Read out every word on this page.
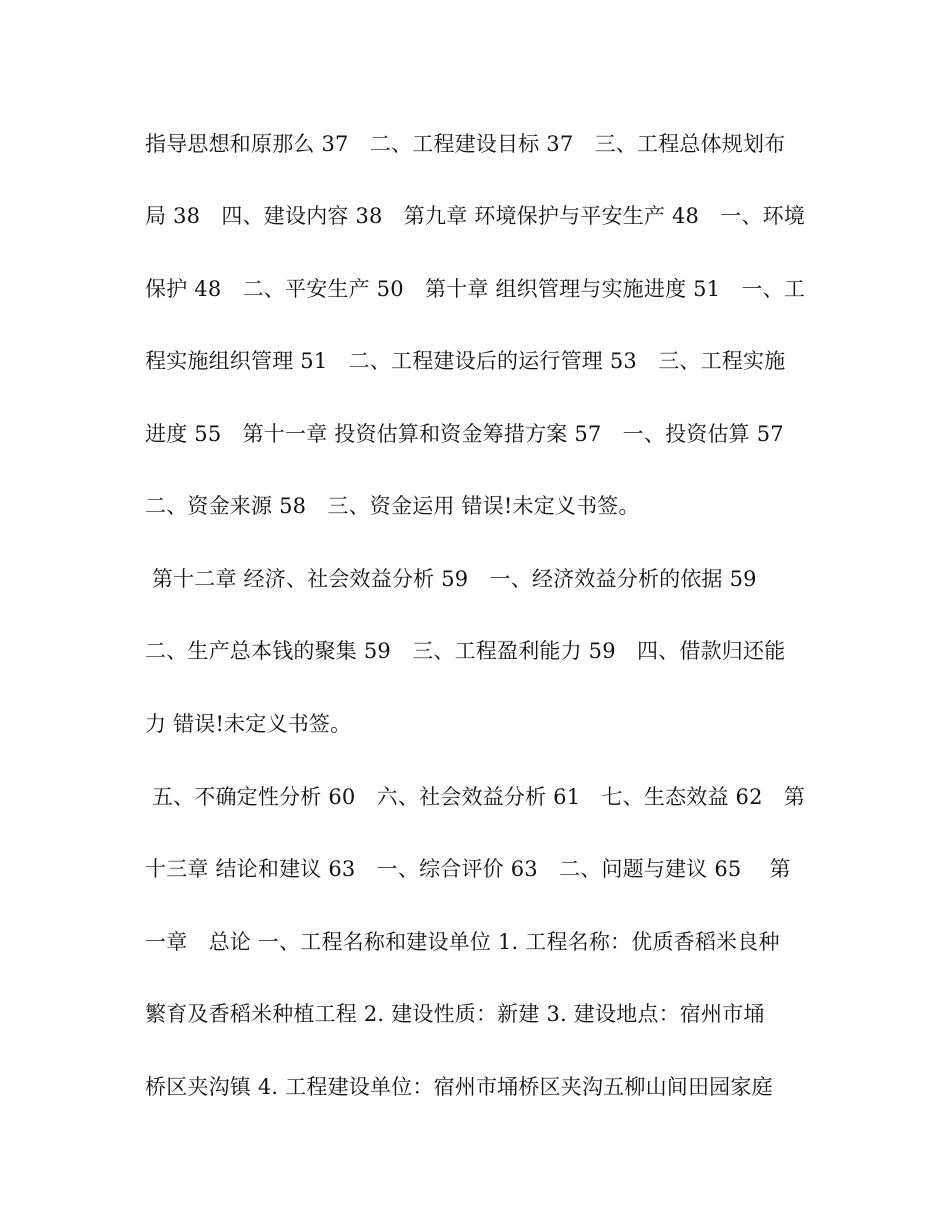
指导思想和原那么 37　二、工程建设目标 37　三、工程总体规划布
局 38　四、建设内容 38　第九章 环境保护与平安生产 48　一、环境
保护 48　二、平安生产 50　第十章 组织管理与实施进度 51　一、工
程实施组织管理 51　二、工程建设后的运行管理 53　三、工程实施
进度 55　第十一章 投资估算和资金筹措方案 57　一、投资估算 57
二、资金来源 58　三、资金运用 错误!未定义书签。
第十二章 经济、社会效益分析 59　一、经济效益分析的依据 59
二、生产总本钱的聚集 59　三、工程盈利能力 59　四、借款归还能
力 错误!未定义书签。
五、不确定性分析 60　六、社会效益分析 61　七、生态效益 62　第
十三章 结论和建议 63　一、综合评价 63　二、问题与建议 65　 第
一章　总论 一、工程名称和建设单位 1. 工程名称：优质香稻米良种
繁育及香稻米种植工程 2. 建设性质：新建 3. 建设地点：宿州市埇
桥区夹沟镇 4. 工程建设单位：宿州市埇桥区夹沟五柳山间田园家庭
